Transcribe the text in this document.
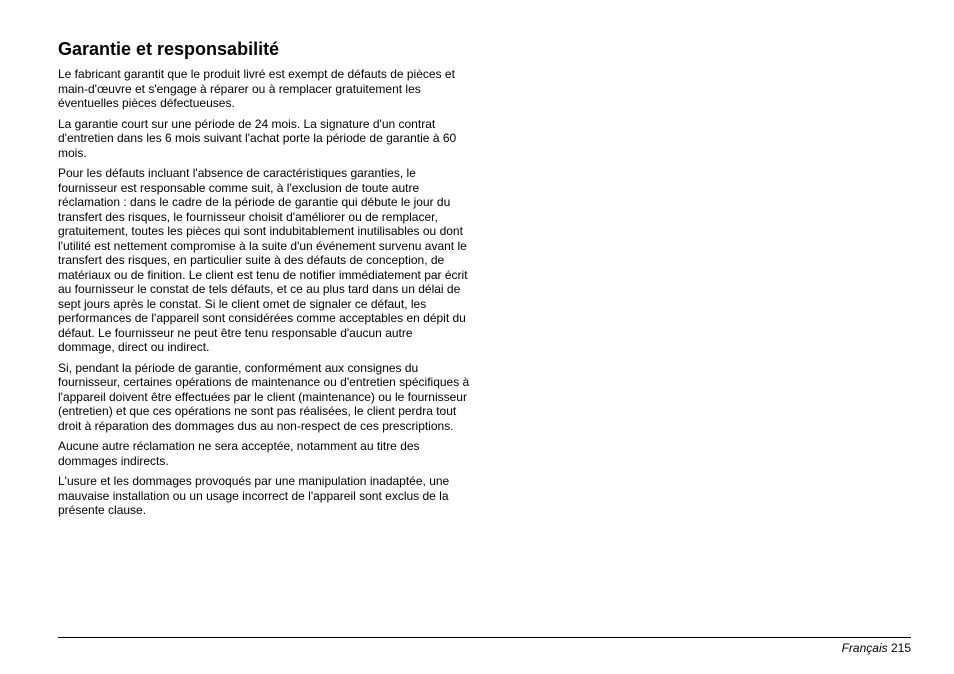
Garantie et responsabilité

Le fabricant garantit que le produit livré est exempt de défauts de pièces et main-d'œuvre et s'engage à réparer ou à remplacer gratuitement les éventuelles pièces défectueuses.

La garantie court sur une période de 24 mois. La signature d'un contrat d'entretien dans les 6 mois suivant l'achat porte la période de garantie à 60 mois.

Pour les défauts incluant l'absence de caractéristiques garanties, le fournisseur est responsable comme suit, à l'exclusion de toute autre réclamation : dans le cadre de la période de garantie qui débute le jour du transfert des risques, le fournisseur choisit d'améliorer ou de remplacer, gratuitement, toutes les pièces qui sont indubitablement inutilisables ou dont l'utilité est nettement compromise à la suite d'un événement survenu avant le transfert des risques, en particulier suite à des défauts de conception, de matériaux ou de finition. Le client est tenu de notifier immédiatement par écrit au fournisseur le constat de tels défauts, et ce au plus tard dans un délai de sept jours après le constat. Si le client omet de signaler ce défaut, les performances de l'appareil sont considérées comme acceptables en dépit du défaut. Le fournisseur ne peut être tenu responsable d'aucun autre dommage, direct ou indirect.

Si, pendant la période de garantie, conformément aux consignes du fournisseur, certaines opérations de maintenance ou d'entretien spécifiques à l'appareil doivent être effectuées par le client (maintenance) ou le fournisseur (entretien) et que ces opérations ne sont pas réalisées, le client perdra tout droit à réparation des dommages dus au non-respect de ces prescriptions.

Aucune autre réclamation ne sera acceptée, notamment au titre des dommages indirects.

L'usure et les dommages provoqués par une manipulation inadaptée, une mauvaise installation ou un usage incorrect de l'appareil sont exclus de la présente clause.

Français 215
